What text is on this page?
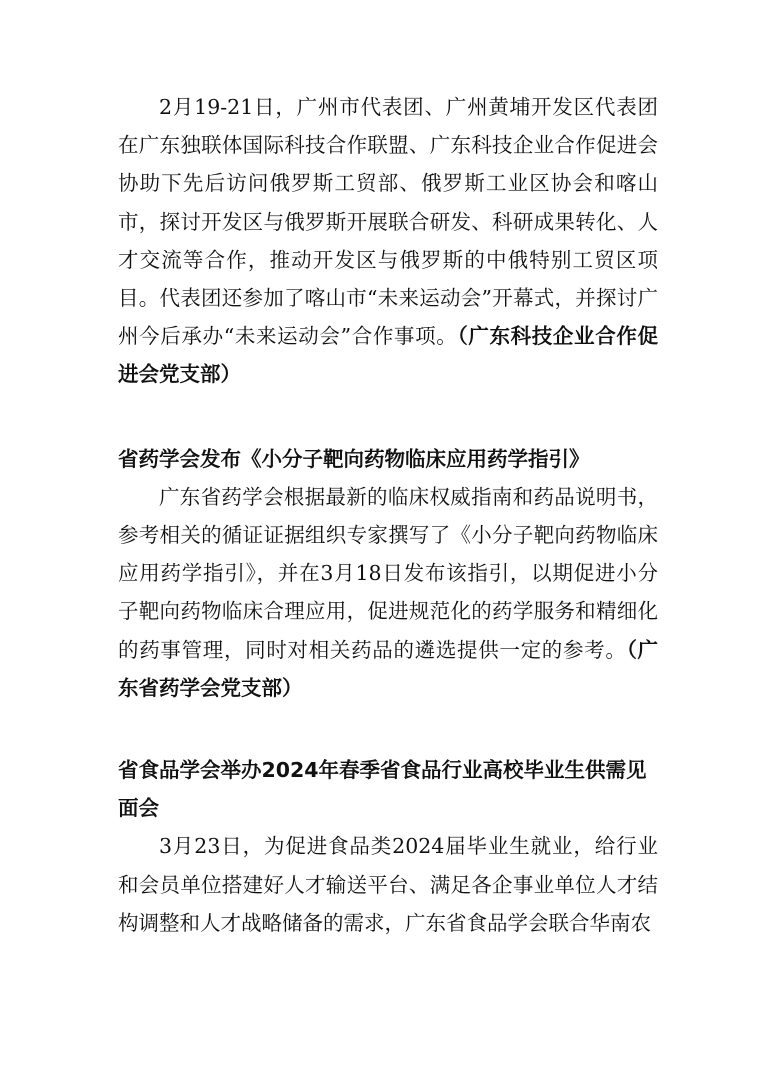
2月19-21日，广州市代表团、广州黄埔开发区代表团在广东独联体国际科技合作联盟、广东科技企业合作促进会协助下先后访问俄罗斯工贸部、俄罗斯工业区协会和喀山市，探讨开发区与俄罗斯开展联合研发、科研成果转化、人才交流等合作，推动开发区与俄罗斯的中俄特别工贸区项目。代表团还参加了喀山市“未来运动会”开幕式，并探讨广州今后承办“未来运动会”合作事项。（广东科技企业合作促进会党支部）

省药学会发布《小分子靶向药物临床应用药学指引》

广东省药学会根据最新的临床权威指南和药品说明书，参考相关的循证证据组织专家撰写了《小分子靶向药物临床应用药学指引》，并在3月18日发布该指引，以期促进小分子靶向药物临床合理应用，促进规范化的药学服务和精细化的药事管理，同时对相关药品的遴选提供一定的参考。（广东省药学会党支部）

省食品学会举办2024年春季省食品行业高校毕业生供需见面会

3月23日，为促进食品类2024届毕业生就业，给行业和会员单位搭建好人才输送平台、满足各企事业单位人才结构调整和人才战略储备的需求，广东省食品学会联合华南农
